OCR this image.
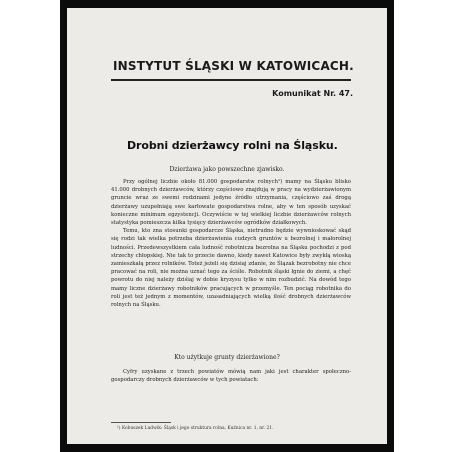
INSTYTUT ŚLĄSKI W KATOWICACH.
Komunikat Nr. 47.
Drobni dzierżawcy rolni na Śląsku.
Dzierżawa jako powszechne zjawisko.

Przy ogólnej liczbie około 81.000 gospodarstw rolnych¹) mamy na Śląsku blisko 41.000 drobnych dzierżawców, którzy częściowo znajdują w pracy na wydzierżawionym gruncie wraz ze swemi rodzinami jedyne źródło utrzymania, częściowo zaś drogą dzierżawy uzupełniają swe karłowate gospodarstwa rolne, aby w ten sposób uzyskać konieczne minimum egzystencji. Oczywiście w tej wielkiej liczbie dzierżawców rolnych statystyka pomieszcza kilka tysięcy dzierżawców ogródków działkowych.

Temu, kto zna stosunki gospodarcze Śląska, nietrudno będzie wywnioskować skąd się rodzi tak wielka potrzeba dzierżawienia cudzych gruntów u bezrolnej i małorolnej ludności. Przedewszystkiem cała ludność robotnicza bezrolna na Śląsku pochodzi z pod strzechy chłopskiej. Nie tak to przecie dawno, kiedy nawet Katowice były zwykłą wioską zamieszkałą przez rolników. Toteż jeżeli się dzisiaj zdanie, że Ślązak bezrobotny nie chce pracować na roli, nie można uznać tego za ściśle. Robotnik śląski łgnie do ziemi, a chęć powrotu do niej należy dziśiaj w dobie kryzysu tylko w nim rozbudzić. Na dowód tego mamy liczne dzierżawy robotników pracujących w przemyśle. Ten pociąg robotnika do roli jest też jednym z momentów, uzasadniających wielką ilość drobnych dzierżawców rolnych na Śląsku.

Kto użytkuje grunty dzierżawione?

Cyfry uzyskane z trzech powiatów mówią nam jaki jest charakter społeczno-gospodarczy drobnych dzierżawców w tych powiatach:

¹) Kobuszek Ludwik: Śląsk i jego struktura rolna, Kuźnica nr. 1, nr. 21.
